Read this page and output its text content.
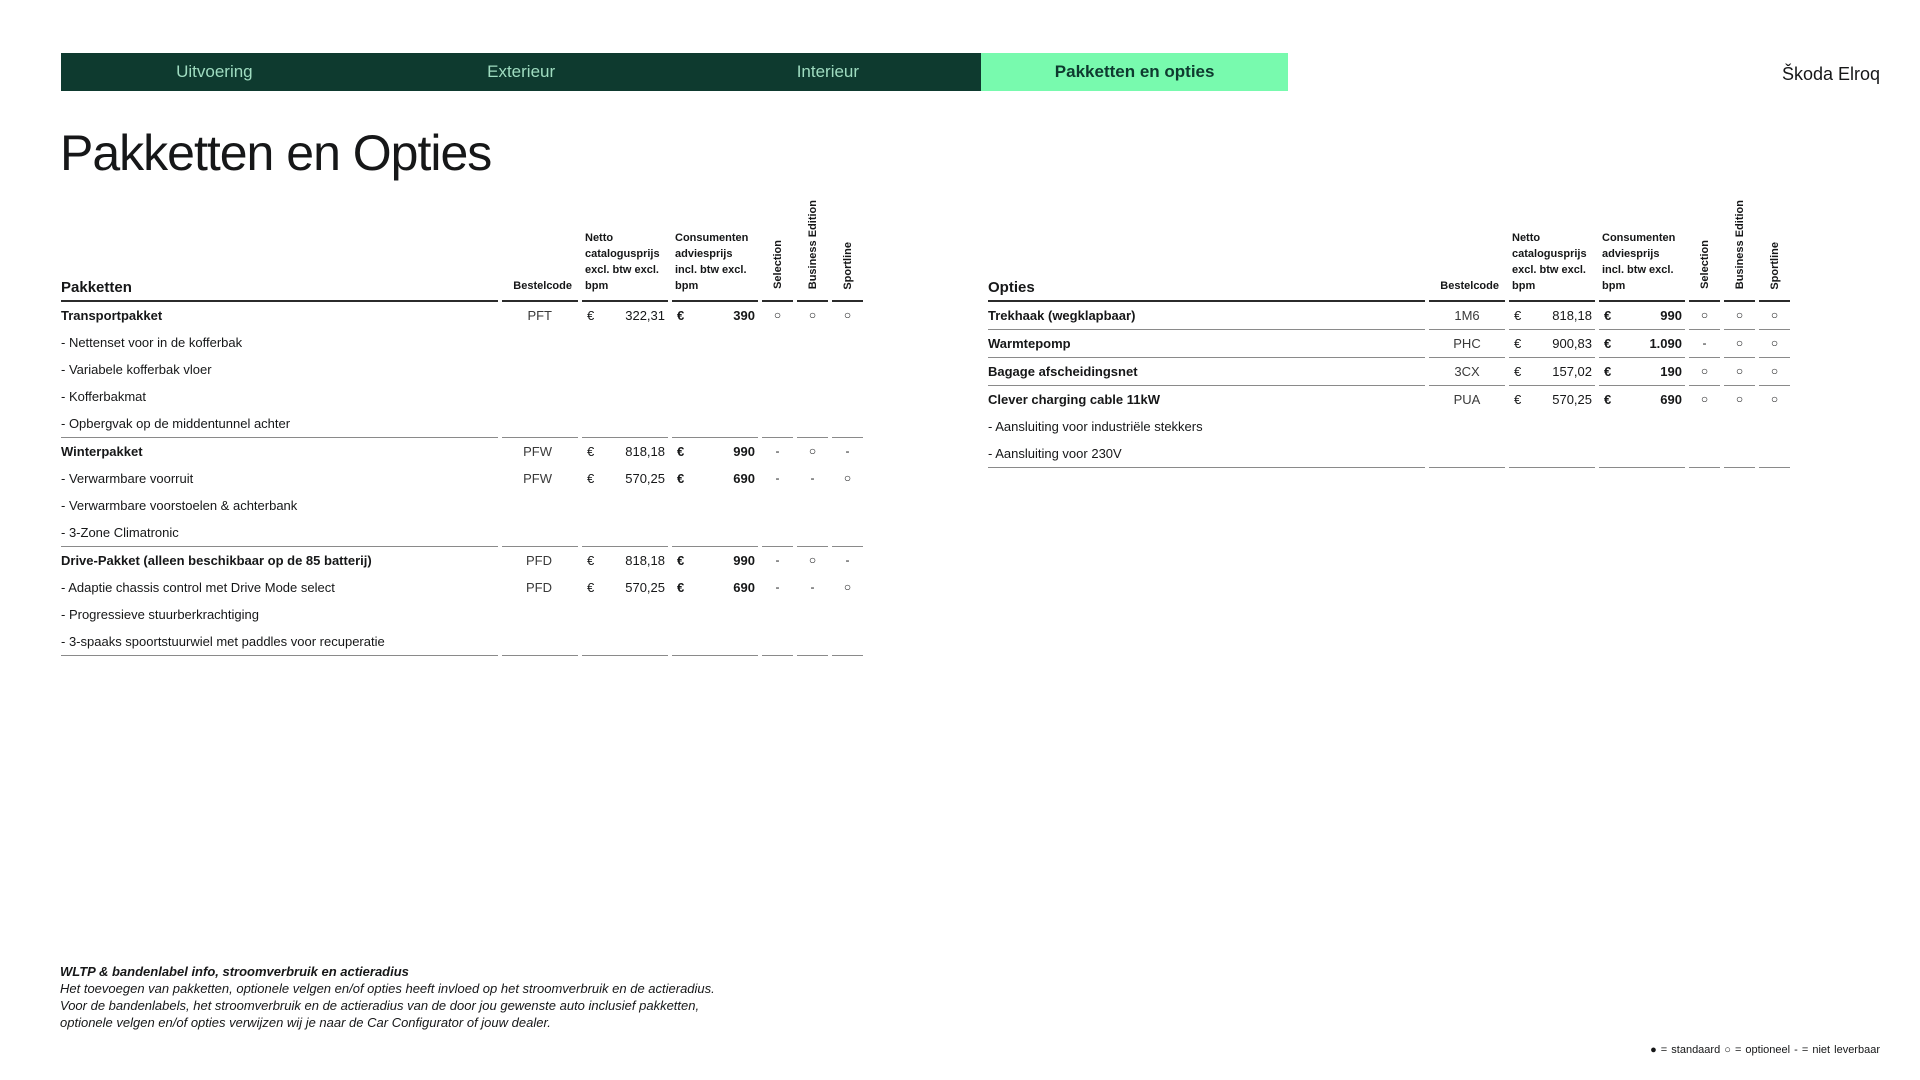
Uitvoering	Exterieur	Interieur	Pakketten en opties	Škoda Elroq
Pakketten en Opties
Pakketten	Bestelcode	Netto catalogusprijs excl. btw excl. bpm	Consumenten adviesprijs incl. btw excl. bpm	Selection	Business Edition	Sportline
Transportpakket	PFT	€ 322,31	€ 390	○	○	○
- Nettenset voor in de kofferbak						
- Variabele kofferbak vloer						
- Kofferbakmat						
- Opbergvak op de middentunnel achter						
Winterpakket	PFW	€ 818,18	€ 990	-	○	-
- Verwarmbare voorruit	PFW	€ 570,25	€ 690	-	-	○
- Verwarmbare voorstoelen & achterbank						
- 3-Zone Climatronic						
Drive-Pakket (alleen beschikbaar op de 85 batterij)	PFD	€ 818,18	€ 990	-	○	-
- Adaptie chassis control met Drive Mode select	PFD	€ 570,25	€ 690	-	-	○
- Progressieve stuurberkrachtiging						
- 3-spaaks spoortstuurwiel met paddles voor recuperatie						
Opties	Bestelcode	Netto catalogusprijs excl. btw excl. bpm	Consumenten adviesprijs incl. btw excl. bpm	Selection	Business Edition	Sportline
Trekhaak (wegklapbaar)	1M6	€ 818,18	€ 990	○	○	○
Warmtepomp	PHC	€ 900,83	€ 1.090	-	○	○
Bagage afscheidingsnet	3CX	€ 157,02	€ 190	○	○	○
Clever charging cable 11kW	PUA	€ 570,25	€ 690	○	○	○
- Aansluiting voor industriële stekkers						
- Aansluiting voor 230V						
WLTP & bandenlabel info, stroomverbruik en actieradius
Het toevoegen van pakketten, optionele velgen en/of opties heeft invloed op het stroomverbruik en de actieradius.
Voor de bandenlabels, het stroomverbruik en de actieradius van de door jou gewenste auto inclusief pakketten,
optionele velgen en/of opties verwijzen wij je naar de Car Configurator of jouw dealer.
● = standaard ○ = optioneel - = niet leverbaar
